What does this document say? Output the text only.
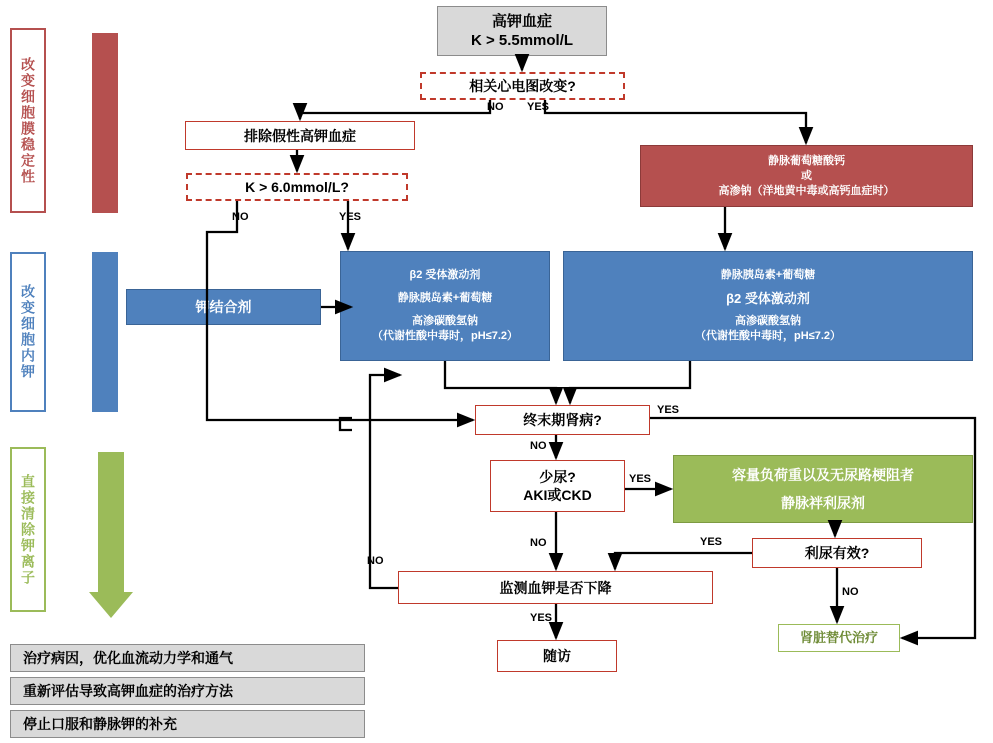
改变细胞膜稳定性
改变细胞内钾
直接清除钾离子
高钾血症
K > 5.5mmol/L
相关心电图改变?
排除假性高钾血症
K > 6.0mmol/L?
静脉葡萄糖酸钙
或
高渗钠（洋地黄中毒或高钙血症时）
钾结合剂
β2 受体激动剂
静脉胰岛素+葡萄糖
高渗碳酸氢钠
（代谢性酸中毒时，pH≤7.2）
静脉胰岛素+葡萄糖
β2 受体激动剂
高渗碳酸氢钠
（代谢性酸中毒时，pH≤7.2）
终末期肾病?
少尿?
AKI或CKD
容量负荷重以及无尿路梗阻者
静脉袢利尿剂
利尿有效?
监测血钾是否下降
随访
肾脏替代治疗
治疗病因，优化血流动力学和通气
重新评估导致高钾血症的治疗方法
停止口服和静脉钾的补充
NO YES
NO	YES
YES
NO
YES
NO	YES
NO
NO
YES
